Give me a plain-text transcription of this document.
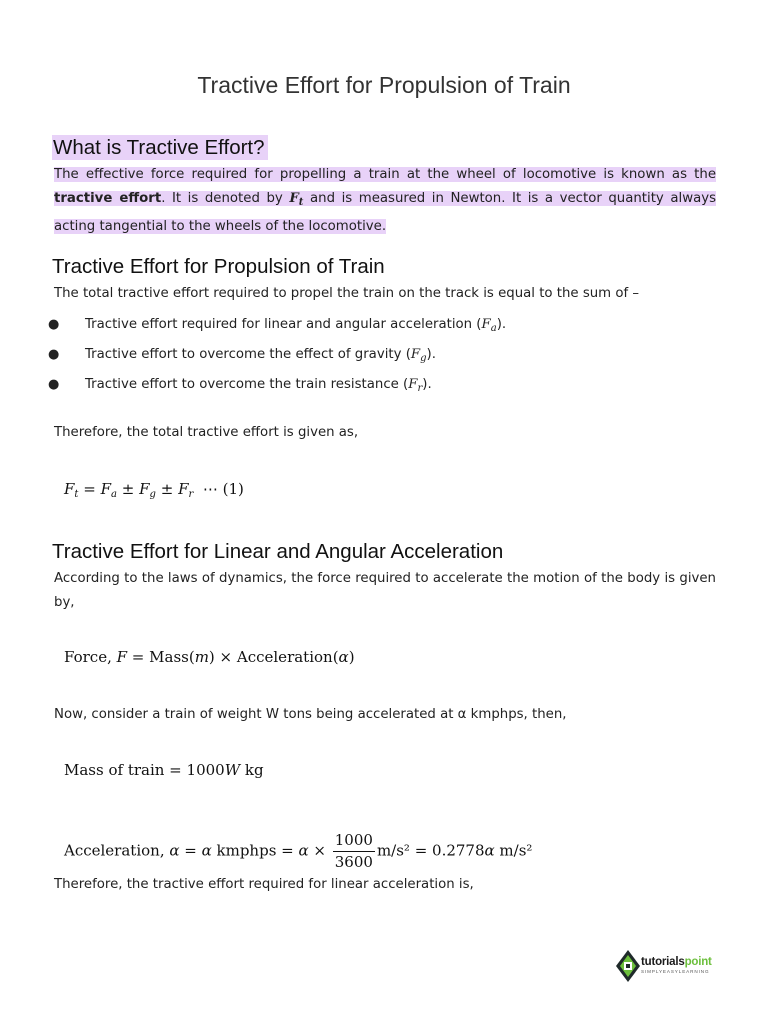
Tractive Effort for Propulsion of Train
What is Tractive Effort?
The effective force required for propelling a train at the wheel of locomotive is known as the tractive effort. It is denoted by $F_t$ and is measured in Newton. It is a vector quantity always acting tangential to the wheels of the locomotive.
Tractive Effort for Propulsion of Train
The total tractive effort required to propel the train on the track is equal to the sum of –
● Tractive effort required for linear and angular acceleration $(F_a)$.
● Tractive effort to overcome the effect of gravity $(F_g)$.
● Tractive effort to overcome the train resistance $(F_r)$.
Therefore, the total tractive effort is given as,
$F_t = F_a \pm F_g \pm F_r$ ⋯ (1)
Tractive Effort for Linear and Angular Acceleration
According to the laws of dynamics, the force required to accelerate the motion of the body is given by,
Force, F = Mass(m) × Acceleration(α)
Now, consider a train of weight W tons being accelerated at α kmphps, then,
Mass of train = 1000W kg
Acceleration, α = α kmphps = $\alpha \times \frac{1000}{3600} m/s^2 = 0.2778\alpha$ m/s²
Therefore, the tractive effort required for linear acceleration is,
tutorialspoint
SIMPLYEASYLEARNING
